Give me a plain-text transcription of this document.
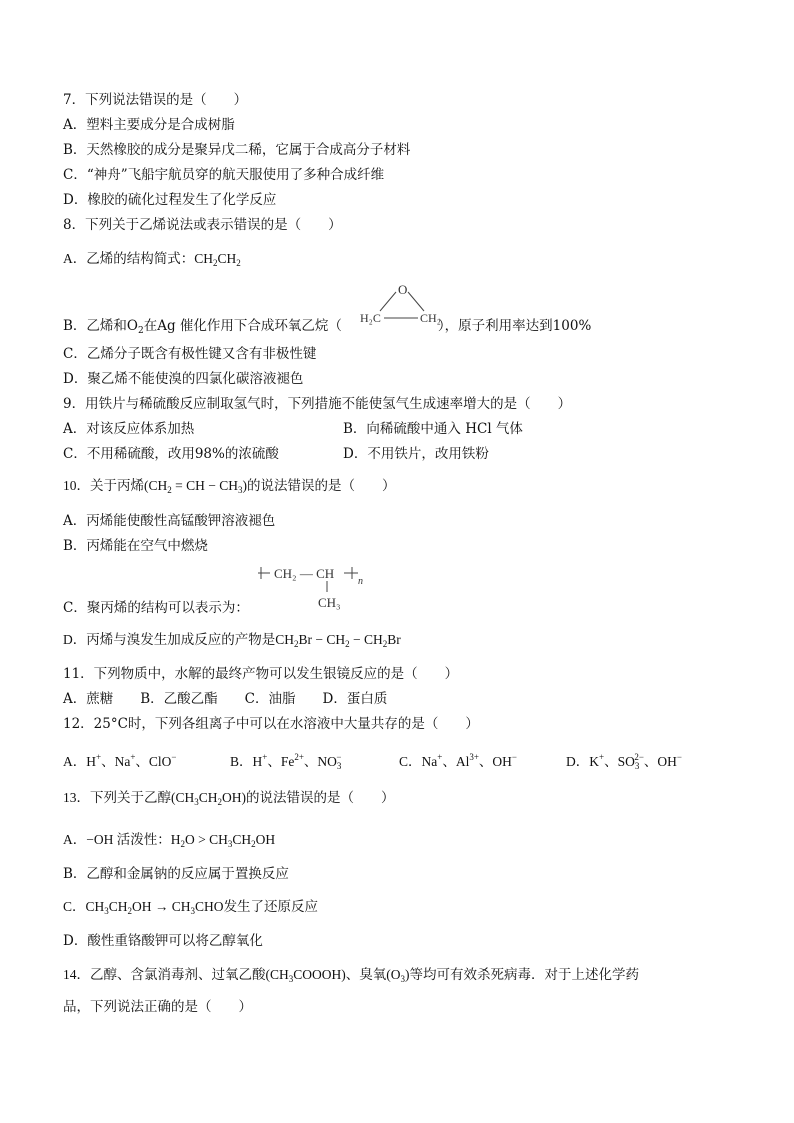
7．下列说法错误的是（　　）
A．塑料主要成分是合成树脂
B．天然橡胶的成分是聚异戊二稀，它属于合成高分子材料
C．“神舟”飞船宇航员穿的航天服使用了多种合成纤维
D．橡胶的硫化过程发生了化学反应
8．下列关于乙烯说法或表示错误的是（　　）
A．乙烯的结构简式：$CH_2CH_2$
O
H₂C	CH₂
B．乙烯和$O_2$在Ag 催化作用下合成环氧乙烷（	），原子利用率达到100%
C．乙烯分子既含有极性键又含有非极性键
D．聚乙烯不能使溴的四氯化碳溶液褪色
9．用铁片与稀硫酸反应制取氢气时，下列措施不能使氢气生成速率增大的是（　　）
A．对该反应体系加热	B．向稀硫酸中通入 HCl 气体
C．不用稀硫酸，改用98%的浓硫酸	D．不用铁片，改用铁粉
10．关于丙烯($CH_2$ = CH − $CH_3$)的说法错误的是（　　）
A．丙烯能使酸性高锰酸钾溶液褪色
B．丙烯能在空气中燃烧
CH₂ — CH
n
CH₃
C．聚丙烯的结构可以表示为：
D．丙烯与溴发生加成反应的产物是$CH_2Br - CH_2 - CH_2Br$
11．下列物质中，水解的最终产物可以发生银镜反应的是（　　）
A．蔗糖　　B．乙酸乙酯　　C．油脂　　D．蛋白质
12．25°C时，下列各组离子中可以在水溶液中大量共存的是（　　）
A．H+、Na+、ClO−	B．H+、$Fe^{2+}$、$NO_3^-$	C．Na+、$Al^{3+}$、OH−	D．K+、$SO_3^{2-}$、OH−
13．下列关于乙醇$(CH_3CH_2OH)$的说法错误的是（　　）
A．−OH 活泼性：$H_2O > CH_3CH_2OH$
B．乙醇和金属钠的反应属于置换反应
C．$CH_3CH_2OH \to CH_3CHO$发生了还原反应
D．酸性重铬酸钾可以将乙醇氧化
14．乙醇、含氯消毒剂、过氧乙酸$(CH_3COOOH)$、臭氧$(O_3)$等均可有效杀死病毒．对于上述化学药
品，下列说法正确的是（　　）
